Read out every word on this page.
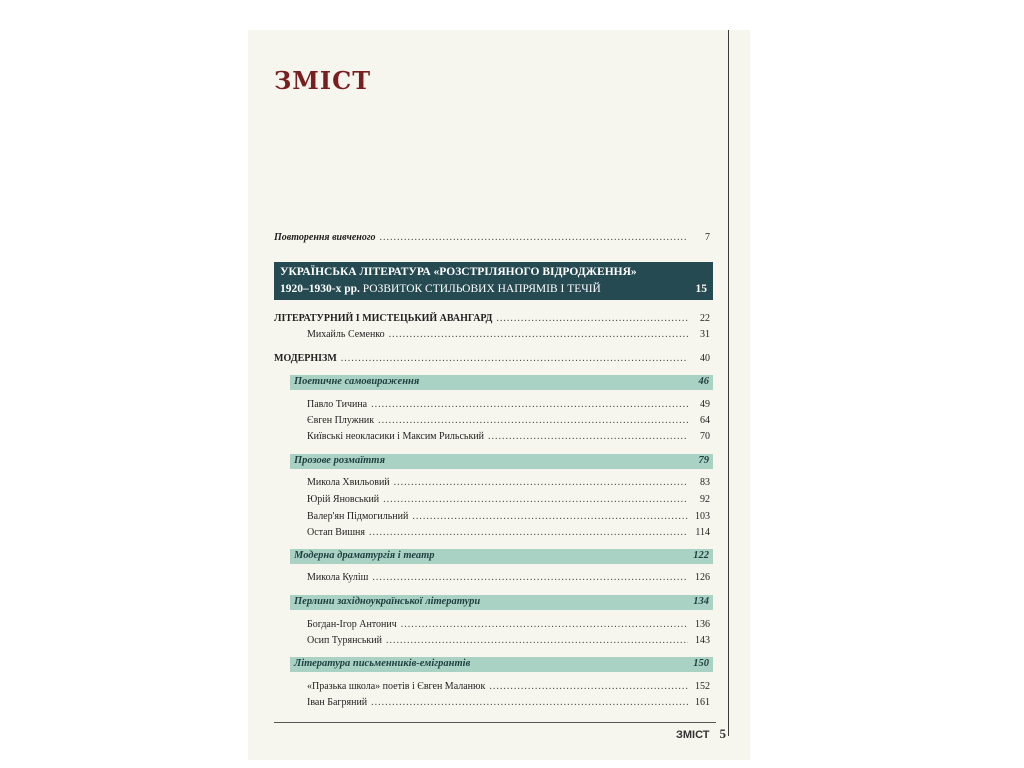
ЗМІСТ
Повторення вивченого .....	7
УКРАЇНСЬКА ЛІТЕРАТУРА «РОЗСТРІЛЯНОГО ВІДРОДЖЕННЯ»
1920–1930-х рр. РОЗВИТОК СТИЛЬОВИХ НАПРЯМІВ І ТЕЧІЙ	15
ЛІТЕРАТУРНИЙ І МИСТЕЦЬКИЙ АВАНГАРД .....	22
Михайль Семенко .....	31
МОДЕРНІЗМ .....	40
Поетичне самовираження	46
Павло Тичина .....	49
Євген Плужник .....	64
Київські неокласики і Максим Рильський .....	70
Прозове розмаїття	79
Микола Хвильовий .....	83
Юрій Яновський .....	92
Валер'ян Підмогильний .....	103
Остап Вишня .....	114
Модерна драматургія і театр	122
Микола Куліш .....	126
Перлини західноукраїнської літератури	134
Богдан-Ігор Антонич .....	136
Осип Турянський .....	143
Література письменників-емігрантів	150
«Празька школа» поетів і Євген Маланюк .....	152
Іван Багряний .....	161
ЗМІСТ 5
